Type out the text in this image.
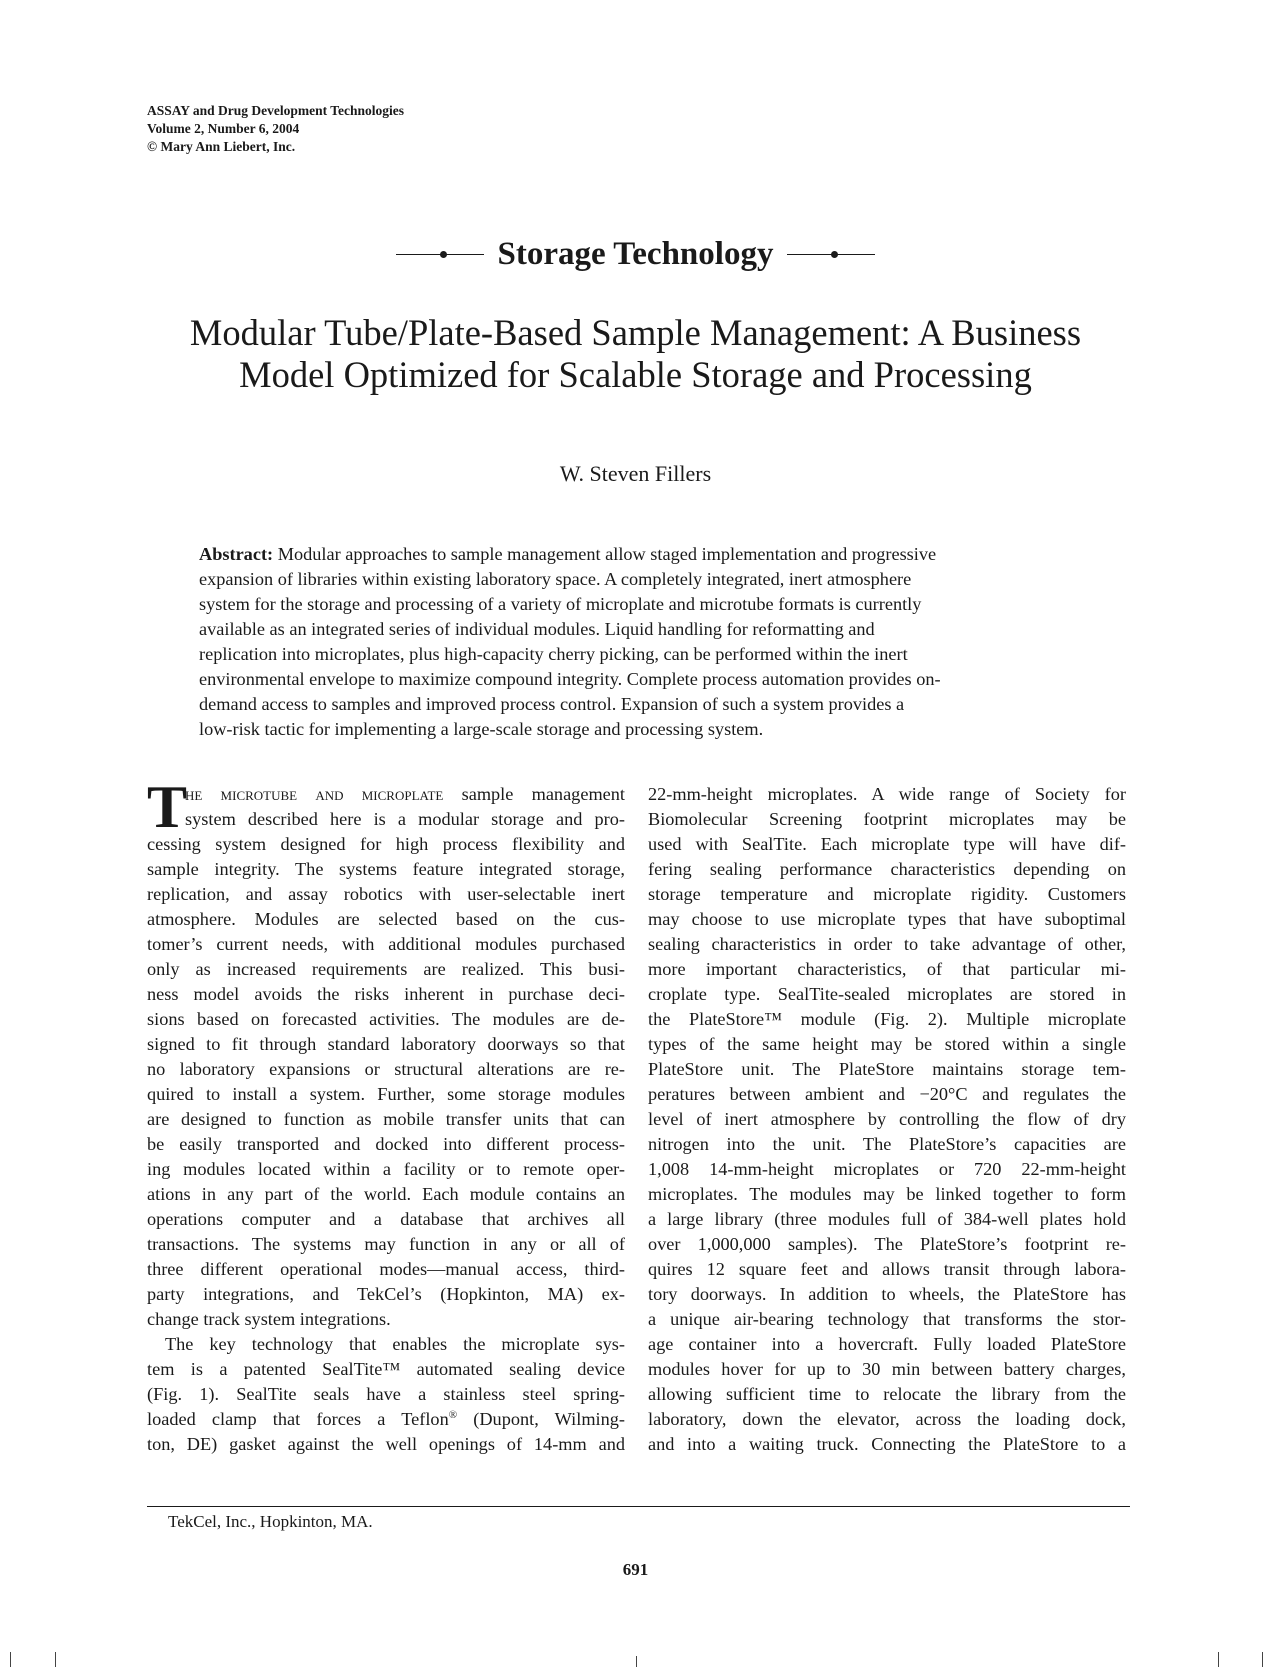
ASSAY and Drug Development Technologies
Volume 2, Number 6, 2004
© Mary Ann Liebert, Inc.
Storage Technology
Modular Tube/Plate-Based Sample Management: A Business
Model Optimized for Scalable Storage and Processing
W. Steven Fillers
Abstract: Modular approaches to sample management allow staged implementation and progressive
expansion of libraries within existing laboratory space. A completely integrated, inert atmosphere
system for the storage and processing of a variety of microplate and microtube formats is currently
available as an integrated series of individual modules. Liquid handling for reformatting and
replication into microplates, plus high-capacity cherry picking, can be performed within the inert
environmental envelope to maximize compound integrity. Complete process automation provides on-
demand access to samples and improved process control. Expansion of such a system provides a
low-risk tactic for implementing a large-scale storage and processing system.
T
he microtube and microplate sample management
system described here is a modular storage and pro-
cessing system designed for high process flexibility and
sample integrity. The systems feature integrated storage,
replication, and assay robotics with user-selectable inert
atmosphere. Modules are selected based on the cus-
tomer’s current needs, with additional modules purchased
only as increased requirements are realized. This busi-
ness model avoids the risks inherent in purchase deci-
sions based on forecasted activities. The modules are de-
signed to fit through standard laboratory doorways so that
no laboratory expansions or structural alterations are re-
quired to install a system. Further, some storage modules
are designed to function as mobile transfer units that can
be easily transported and docked into different process-
ing modules located within a facility or to remote oper-
ations in any part of the world. Each module contains an
operations computer and a database that archives all
transactions. The systems may function in any or all of
three different operational modes—manual access, third-
party integrations, and TekCel’s (Hopkinton, MA) ex-
change track system integrations.
The key technology that enables the microplate sys-
tem is a patented SealTite™ automated sealing device
(Fig. 1). SealTite seals have a stainless steel spring-
loaded clamp that forces a Teflon® (Dupont, Wilming-
ton, DE) gasket against the well openings of 14-mm and
22-mm-height microplates. A wide range of Society for
Biomolecular Screening footprint microplates may be
used with SealTite. Each microplate type will have dif-
fering sealing performance characteristics depending on
storage temperature and microplate rigidity. Customers
may choose to use microplate types that have suboptimal
sealing characteristics in order to take advantage of other,
more important characteristics, of that particular mi-
croplate type. SealTite-sealed microplates are stored in
the PlateStore™ module (Fig. 2). Multiple microplate
types of the same height may be stored within a single
PlateStore unit. The PlateStore maintains storage tem-
peratures between ambient and −20°C and regulates the
level of inert atmosphere by controlling the flow of dry
nitrogen into the unit. The PlateStore’s capacities are
1,008 14-mm-height microplates or 720 22-mm-height
microplates. The modules may be linked together to form
a large library (three modules full of 384-well plates hold
over 1,000,000 samples). The PlateStore’s footprint re-
quires 12 square feet and allows transit through labora-
tory doorways. In addition to wheels, the PlateStore has
a unique air-bearing technology that transforms the stor-
age container into a hovercraft. Fully loaded PlateStore
modules hover for up to 30 min between battery charges,
allowing sufficient time to relocate the library from the
laboratory, down the elevator, across the loading dock,
and into a waiting truck. Connecting the PlateStore to a
TekCel, Inc., Hopkinton, MA.
691
